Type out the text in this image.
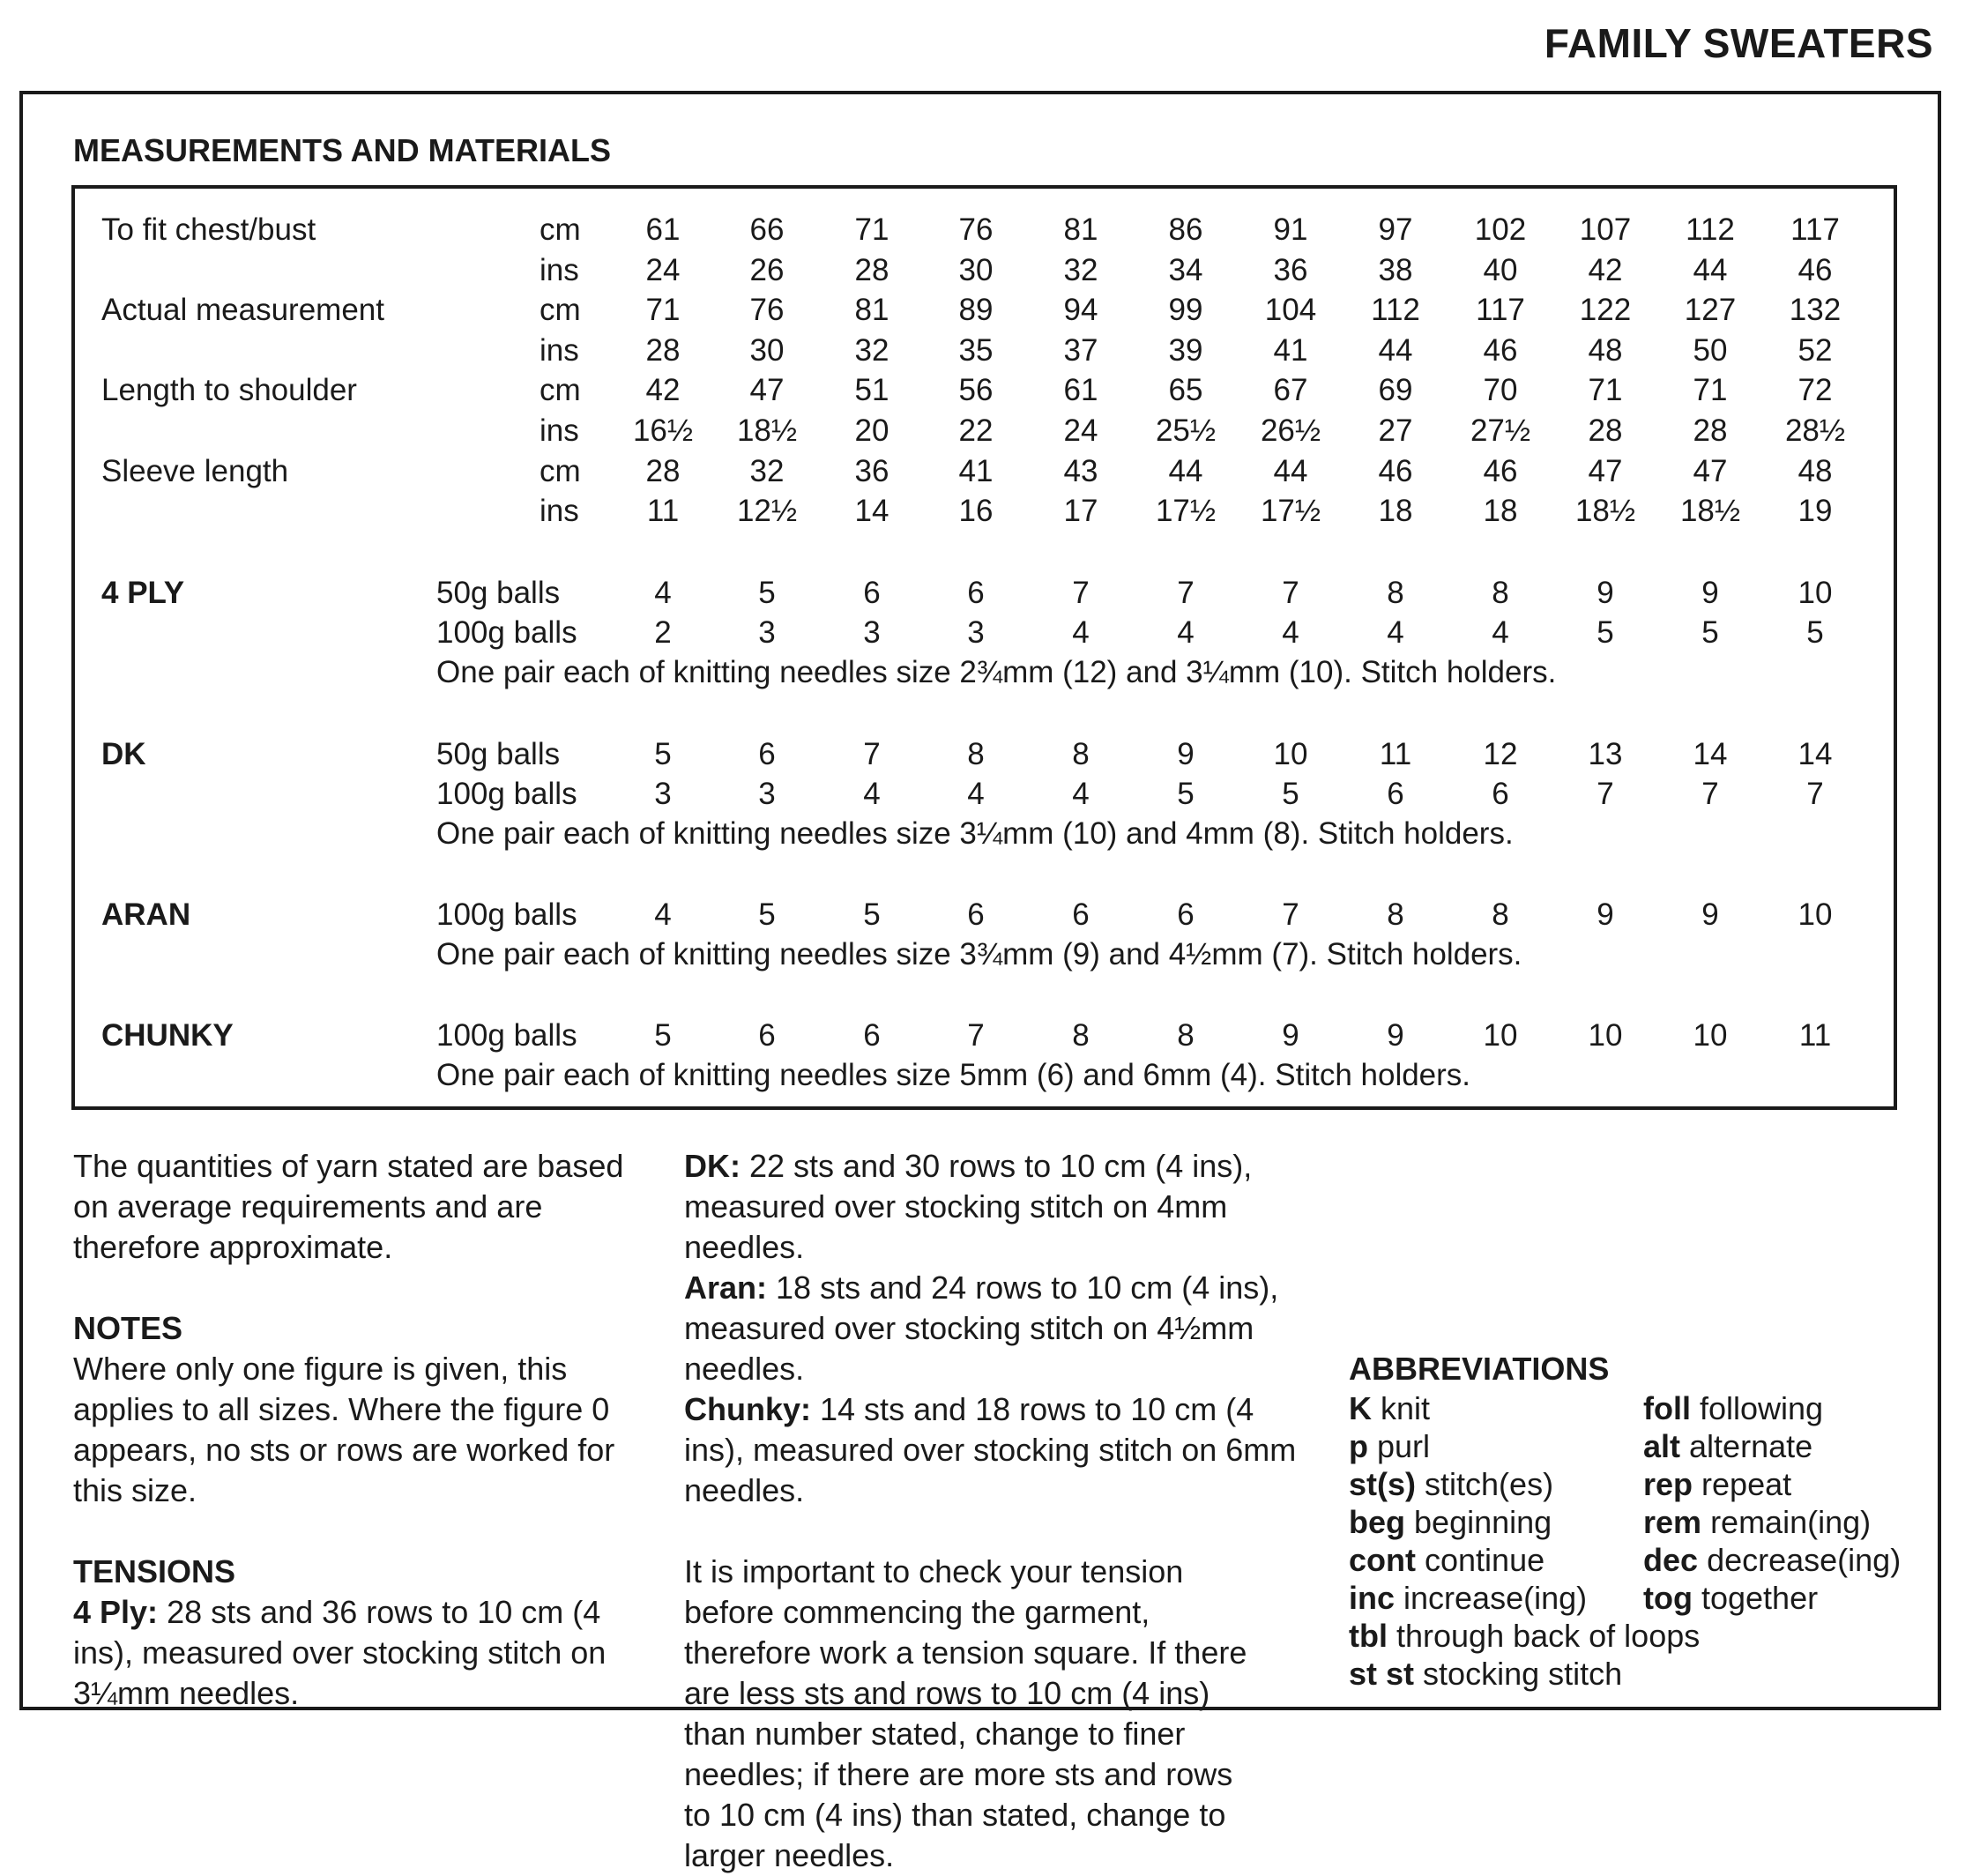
FAMILY SWEATERS
MEASUREMENTS AND MATERIALS
To fit chest/bust	cm	61	66	71	76	81	86	91	97	102	107	112	117
ins	24	26	28	30	32	34	36	38	40	42	44	46
Actual measurement	cm	71	76	81	89	94	99	104	112	117	122	127	132
ins	28	30	32	35	37	39	41	44	46	48	50	52
Length to shoulder	cm	42	47	51	56	61	65	67	69	70	71	71	72
ins	16½	18½	20	22	24	25½	26½	27	27½	28	28	28½
Sleeve length	cm	28	32	36	41	43	44	44	46	46	47	47	48
ins	11	12½	14	16	17	17½	17½	18	18	18½	18½	19
4 PLY	50g balls	4	5	6	6	7	7	7	8	8	9	9	10
100g balls	2	3	3	3	4	4	4	4	4	5	5	5
One pair each of knitting needles size 2¾mm (12) and 3¼mm (10). Stitch holders.
DK	50g balls	5	6	7	8	8	9	10	11	12	13	14	14
100g balls	3	3	4	4	4	5	5	6	6	7	7	7
One pair each of knitting needles size 3¼mm (10) and 4mm (8). Stitch holders.
ARAN	100g balls	4	5	5	6	6	6	7	8	8	9	9	10
One pair each of knitting needles size 3¾mm (9) and 4½mm (7). Stitch holders.
CHUNKY	100g balls	5	6	6	7	8	8	9	9	10	10	10	11
One pair each of knitting needles size 5mm (6) and 6mm (4). Stitch holders.

The quantities of yarn stated are based on average requirements and are therefore approximate.

NOTES

Where only one figure is given, this applies to all sizes. Where the figure 0 appears, no sts or rows are worked for this size.

TENSIONS

4 Ply: 28 sts and 36 rows to 10 cm (4 ins), measured over stocking stitch on 3¼mm needles.

DK: 22 sts and 30 rows to 10 cm (4 ins), measured over stocking stitch on 4mm needles.

Aran: 18 sts and 24 rows to 10 cm (4 ins), measured over stocking stitch on 4½mm needles.

Chunky: 14 sts and 18 rows to 10 cm (4 ins), measured over stocking stitch on 6mm needles.

It is important to check your tension before commencing the garment, therefore work a tension square. If there are less sts and rows to 10 cm (4 ins) than number stated, change to finer needles; if there are more sts and rows to 10 cm (4 ins) than stated, change to larger needles.

ABBREVIATIONS
K knit	foll following
p purl	alt alternate
st(s) stitch(es)	rep repeat
beg beginning	rem remain(ing)
cont continue	dec decrease(ing)
inc increase(ing)	tog together
tbl through back of loops
st st stocking stitch
